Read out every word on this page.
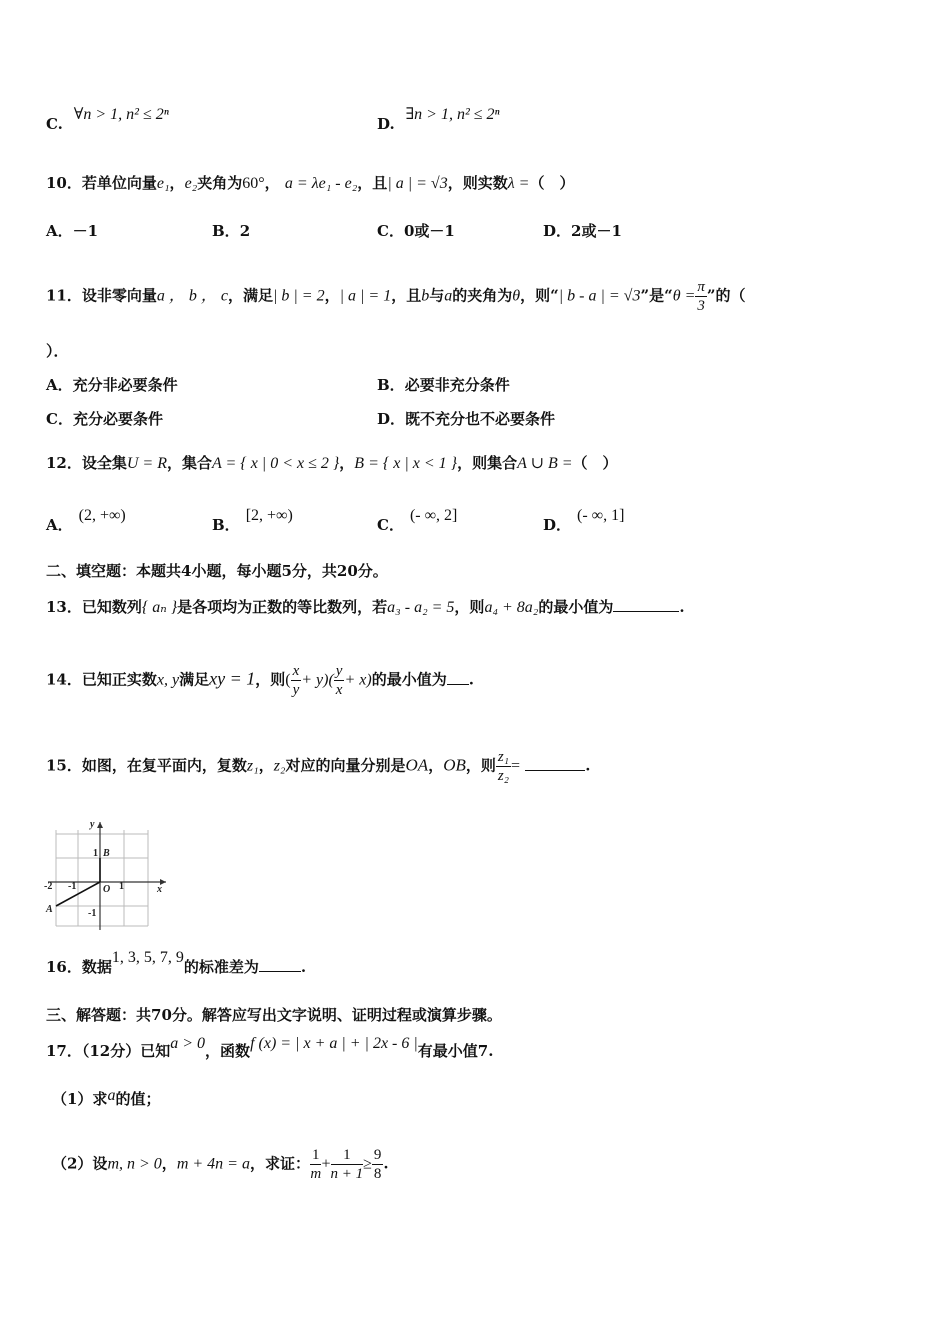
C. ∀n > 1, n² ≤ 2ⁿ
D. ∃n > 1, n² ≤ 2ⁿ
10．若单位向量e₁，e₂夹角为60°， a = λe₁ - e₂，且| a | = √3，则实数λ =（　）
A．－1	B．2	C．0或－1	D．2或－1
11．设非零向量a ， b ， c，满足| b | = 2，| a | = 1，且b与a的夹角为θ，则“| b - a | = √3”是“$\theta = \frac{\pi}{3}$ ”的（
）．
A．充分非必要条件	B．必要非充分条件
C．充分必要条件	D．既不充分也不必要条件
12．设全集U = R，集合A = { x | 0 < x ≤ 2 }，B = { x | x < 1 }，则集合A ∪ B =（　）
A．(2, +∞)
B．[2, +∞)
C．(- ∞, 2]
D．(- ∞, 1]
二、填空题：本题共4小题，每小题5分，共20分。
13．已知数列{ aₙ }是各项均为正数的等比数列，若a₃ - a₂ = 5，则a₄ + 8a₂的最小值为	.
14．已知正实数x, y满足xy = 1，则( $\frac{x}{y} + y)( \frac{y}{x} + x)$的最小值为 .
15．如图，在复平面内，复数z₁，z₂对应的向量分别是OA，OB，则 $\frac{\text{z₁}}{\text{z₂}}$ =	.
y
x
B
A
O
1
-1
-2 -1	1
16．数据1, 3, 5, 7, 9的标准差为	.
三、解答题：共70分。解答应写出文字说明、证明过程或演算步骤。
17．（12分）已知a > 0，函数f (x) = | x + a | + | 2x - 6 |有最小值7.
（1）求a的值；
（2）设m, n > 0，m + 4n = a，求证： $\frac{1}{m} + \frac{1}{n + 1} \ge \frac{9}{8}$ .
